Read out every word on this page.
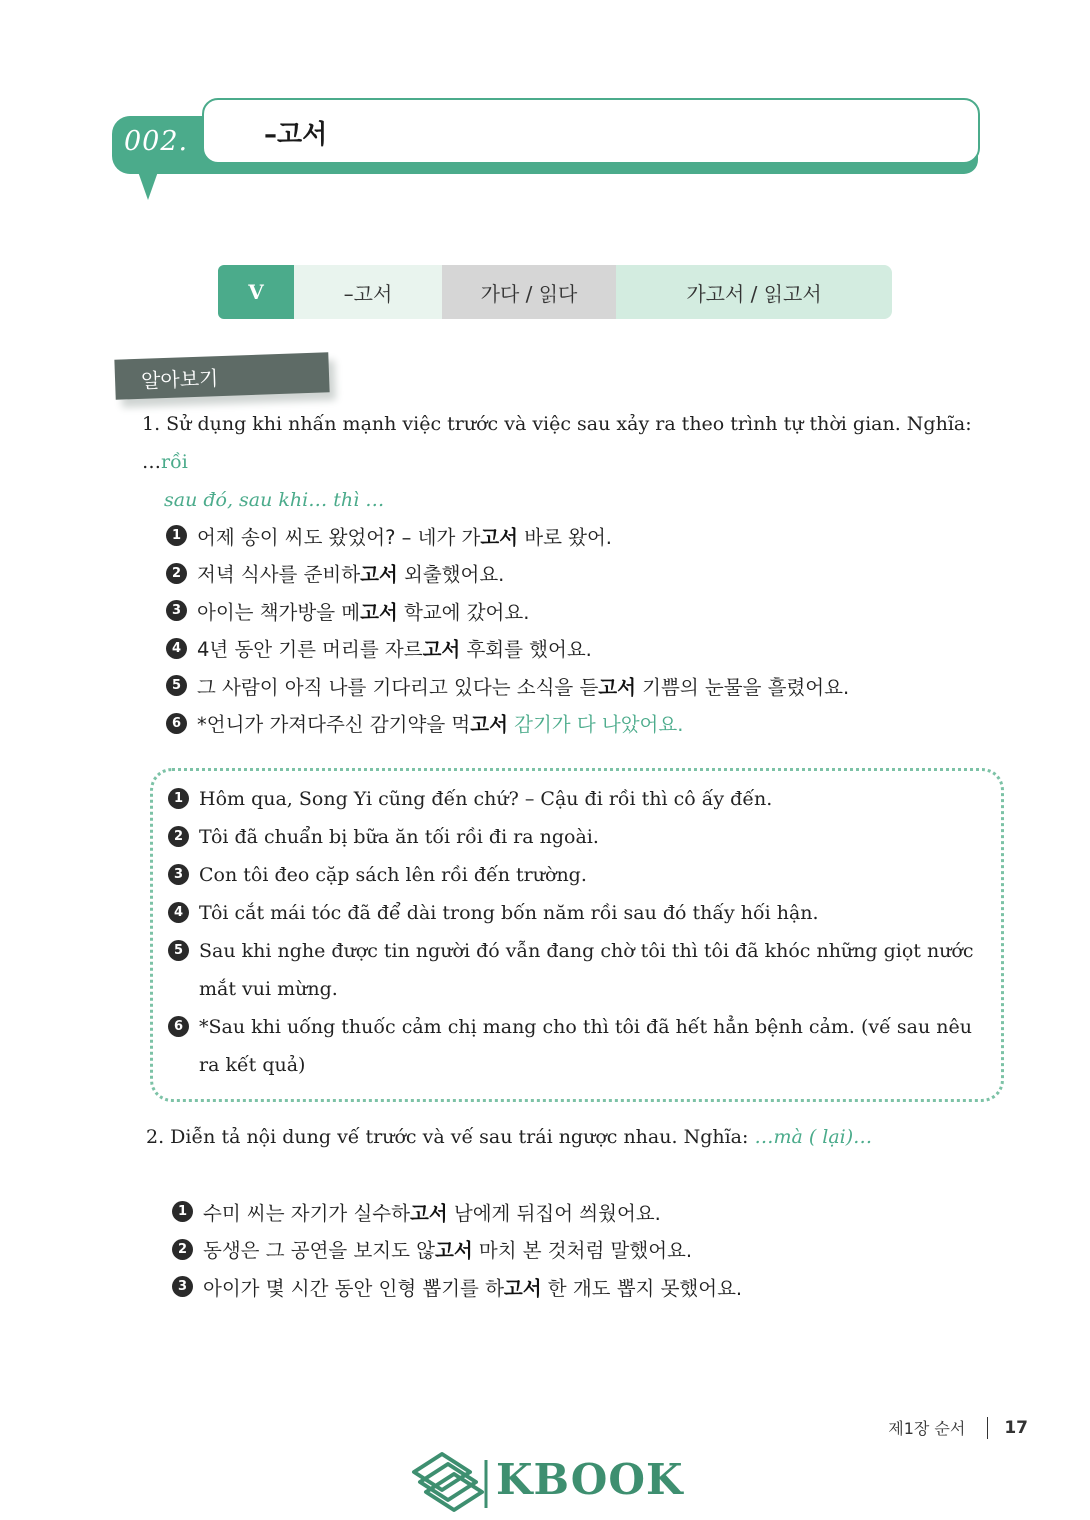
002.	–고서
V	–고서	가다 / 읽다	가고서 / 읽고서
알아보기
1. Sử dụng khi nhấn mạnh việc trước và việc sau xảy ra theo trình tự thời gian. Nghĩa: …rồi
sau đó, sau khi… thì …
1 어제 송이 씨도 왔었어? – 네가 가 고서 바로 왔어.
2 저녁 식사를 준비하 고서 외출했어요.
3 아이는 책가방을 메 고서 학교에 갔어요.
4 4년 동안 기른 머리를 자르 고서 후회를 했어요.
5 그 사람이 아직 나를 기다리고 있다는 소식을 듣 고서 기쁨의 눈물을 흘렸어요.
6 *언니가 가져다주신 감기약을 먹 고서
감기가 다 나았어요.
1 Hôm qua, Song Yi cũng đến chứ? – Cậu đi rồi thì cô ấy đến.
2 Tôi đã chuẩn bị bữa ăn tối rồi đi ra ngoài.
3 Con tôi đeo cặp sách lên rồi đến trường.
4 Tôi cắt mái tóc đã để dài trong bốn năm rồi sau đó thấy hối hận.
5 Sau khi nghe được tin người đó vẫn đang chờ tôi thì tôi đã khóc những giọt nước mắt vui mừng.
6 *Sau khi uống thuốc cảm chị mang cho thì tôi đã hết hẳn bệnh cảm. (vế sau nêu ra kết quả)
2. Diễn tả nội dung vế trước và vế sau trái ngược nhau. Nghĩa: …mà ( lại)…
1 수미 씨는 자기가 실수하 고서 남에게 뒤집어 씌웠어요.
2 동생은 그 공연을 보지도 않 고서 마치 본 것처럼 말했어요.
3 아이가 몇 시간 동안 인형 뽑기를 하 고서 한 개도 뽑지 못했어요.
제1장 순서 17
KBOOK
